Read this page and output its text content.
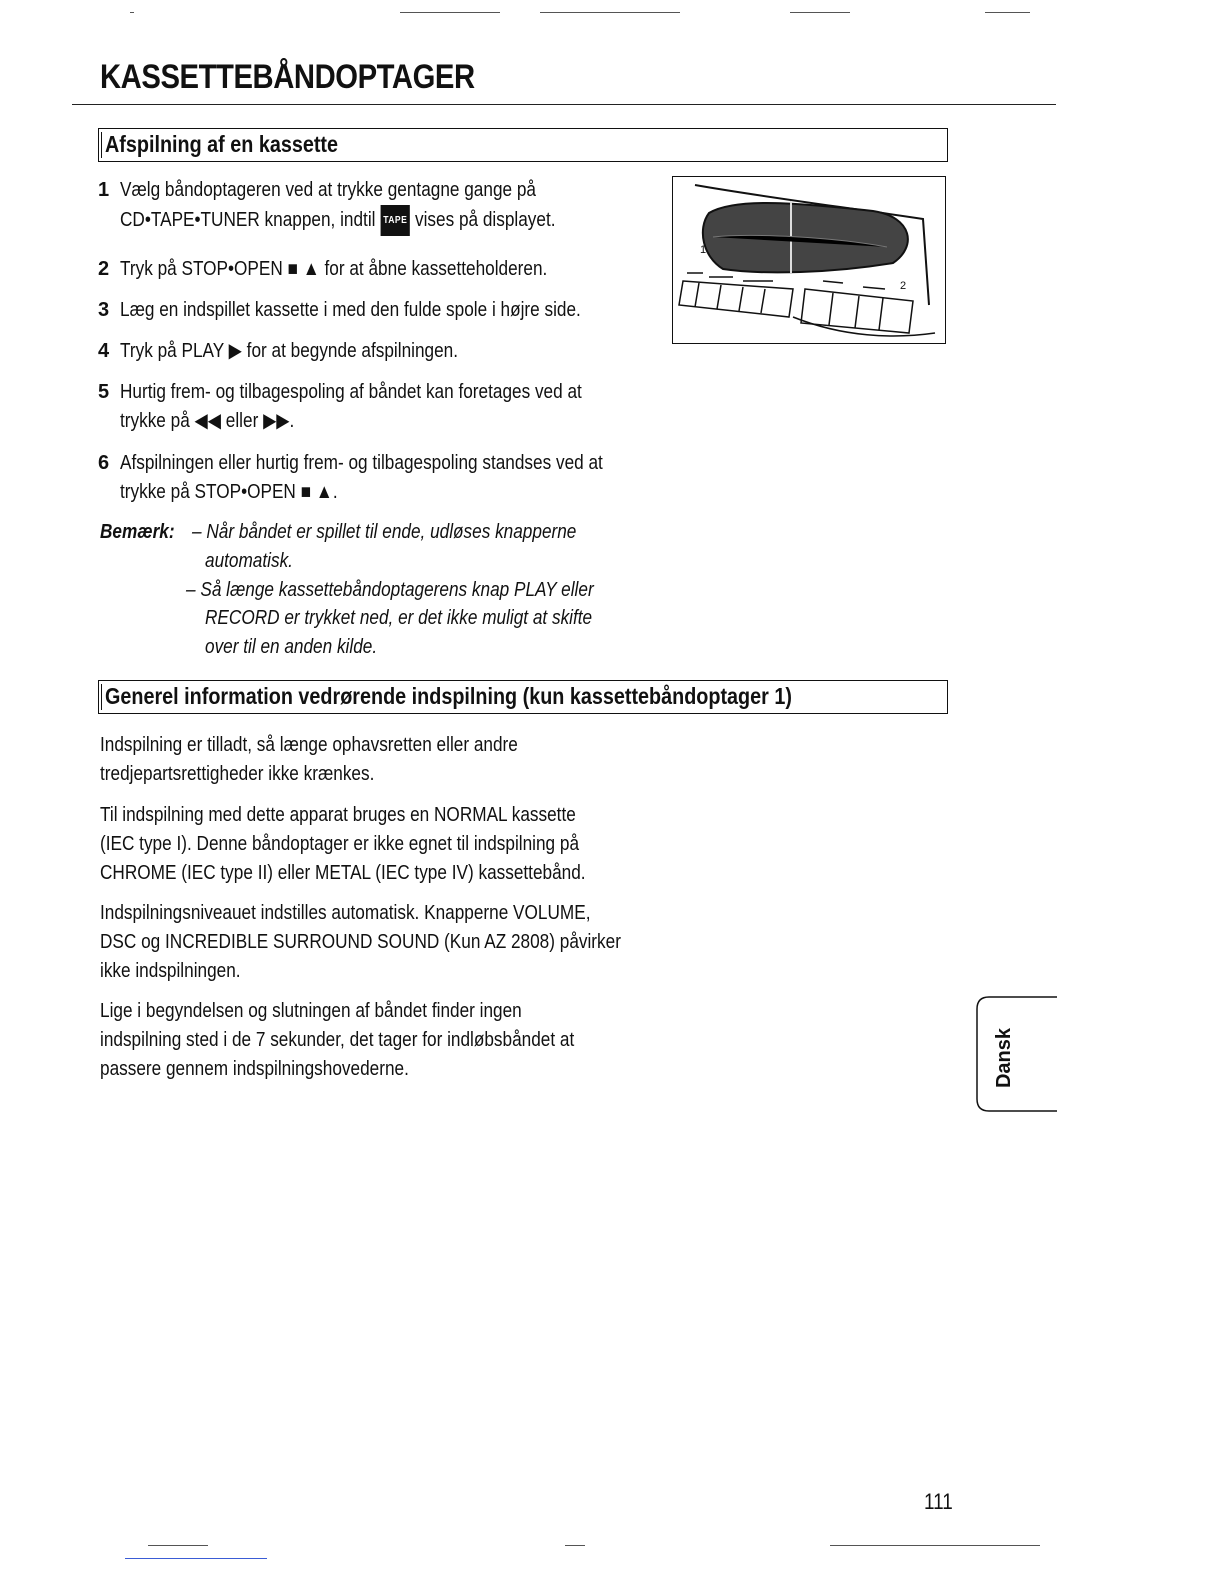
KASSETTEBÅNDOPTAGER
Afspilning af en kassette
1 Vælg båndoptageren ved at trykke gentagne gange på
CD•TAPE•TUNER knappen, indtil TAPE vises på displayet.
2 Tryk på STOP•OPEN ■ ▲ for at åbne kassetteholderen.
3 Læg en indspillet kassette i med den fulde spole i højre side.
4 Tryk på PLAY ▶ for at begynde afspilningen.
5 Hurtig frem- og tilbagespoling af båndet kan foretages ved at
trykke på ◀◀ eller ▶▶.
6 Afspilningen eller hurtig frem- og tilbagespoling standses ved at
trykke på STOP•OPEN ■ ▲.
Bemærk: – Når båndet er spillet til ende, udløses knapperne
automatisk.
– Så længe kassettebåndoptagerens knap PLAY eller
RECORD er trykket ned, er det ikke muligt at skifte
over til en anden kilde.
1
2
Generel information vedrørende indspilning (kun kassettebåndoptager 1)
Indspilning er tilladt, så længe ophavsretten eller andre
tredjepartsrettigheder ikke krænkes.
Til indspilning med dette apparat bruges en NORMAL kassette
(IEC type I). Denne båndoptager er ikke egnet til indspilning på
CHROME (IEC type II) eller METAL (IEC type IV) kassettebånd.
Indspilningsniveauet indstilles automatisk. Knapperne VOLUME,
DSC og INCREDIBLE SURROUND SOUND (Kun AZ 2808) påvirker
ikke indspilningen.
Lige i begyndelsen og slutningen af båndet finder ingen
indspilning sted i de 7 sekunder, det tager for indløbsbåndet at
passere gennem indspilningshovederne.	Dansk
111
